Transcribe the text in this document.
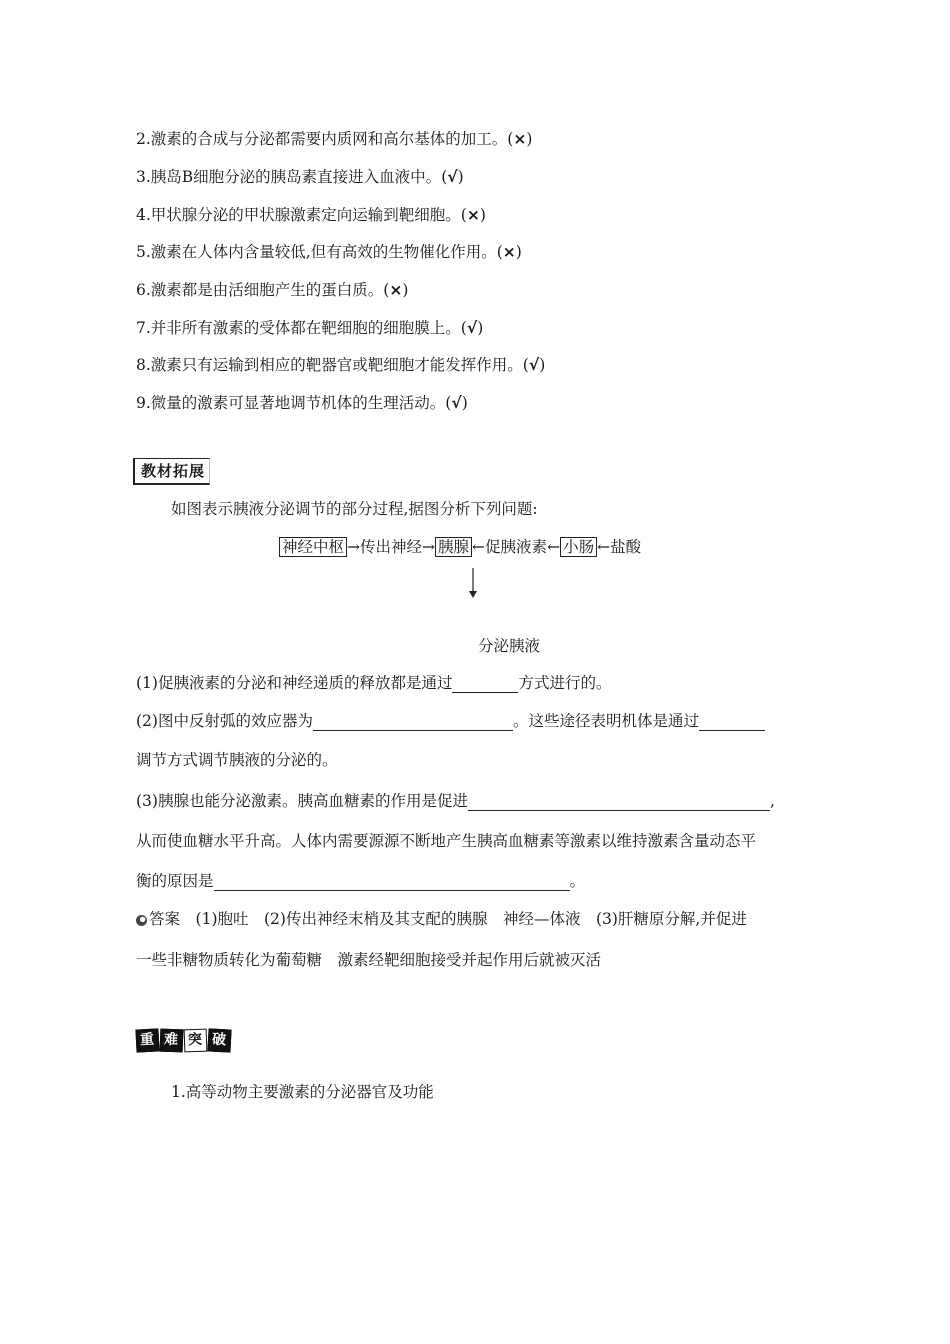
2.激素的合成与分泌都需要内质网和高尔基体的加工。(×)
3.胰岛B细胞分泌的胰岛素直接进入血液中。(√)
4.甲状腺分泌的甲状腺激素定向运输到靶细胞。(×)
5.激素在人体内含量较低,但有高效的生物催化作用。(×)
6.激素都是由活细胞产生的蛋白质。(×)
7.并非所有激素的受体都在靶细胞的细胞膜上。(√)
8.激素只有运输到相应的靶器官或靶细胞才能发挥作用。(√)
9.微量的激素可显著地调节机体的生理活动。(√)
教材拓展
如图表示胰液分泌调节的部分过程,据图分析下列问题:
神经中枢 →传出神经→ 胰腺 ←促胰液素← 小肠 ←盐酸
分泌胰液
(1)促胰液素的分泌和神经递质的释放都是通过	方式进行的。
(2)图中反射弧的效应器为	。这些途径表明机体是通过
调节方式调节胰液的分泌的。
(3)胰腺也能分泌激素。胰高血糖素的作用是促进	,
从而使血糖水平升高。人体内需要源源不断地产生胰高血糖素等激素以维持激素含量动态平
衡的原因是	。
答案　 (1)胞吐　(2)传出神经末梢及其支配的胰腺　神经—体液　(3)肝糖原分解,并促进
一些非糖物质转化为葡萄糖　激素经靶细胞接受并起作用后就被灭活
重 难 突 破
1.高等动物主要激素的分泌器官及功能
